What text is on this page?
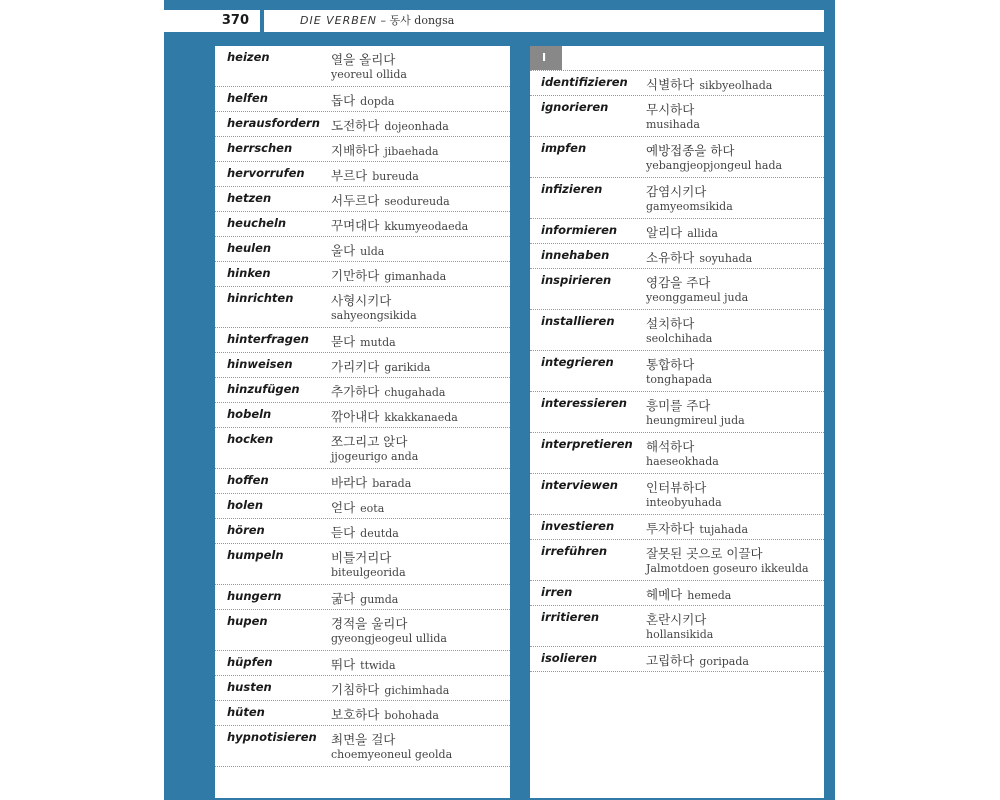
370	DIE VERBEN – 동사 dongsa
heizen	열을 올리다
yeoreul ollida
helfen	돕다 dopda
herausfordern 도전하다 dojeonhada
herrschen	지배하다 jibaehada
hervorrufen 부르다 bureuda
hetzen	서두르다 seodureuda
heucheln	꾸며대다 kkumyeodaeda
heulen	울다 ulda
hinken	기만하다 gimanhada
hinrichten	사형시키다
sahyeongsikida
hinterfragen 묻다 mutda
hinweisen	가리키다 garikida
hinzufügen	추가하다 chugahada
hobeln	깎아내다 kkakkanaeda
hocken	쪼그리고 앉다
jjogeurigo anda
hoffen	바라다 barada
holen	얻다 eota
hören	듣다 deutda
humpeln	비틀거리다
biteulgeorida
hungern	굶다 gumda
hupen	경적을 울리다
gyeongjeogeul ullida
hüpfen	뛰다 ttwida
husten	기침하다 gichimhada
hüten	보호하다 bohohada
hypnotisieren 최면을 걸다
choemyeoneul geolda
I
identifizieren 식별하다 sikbyeolhada
ignorieren	무시하다
musihada
impfen	예방접종을 하다
yebangjeopjongeul hada
infizieren	감염시키다
gamyeomsikida
informieren 알리다 allida
innehaben	소유하다 soyuhada
inspirieren	영감을 주다
yeonggameul juda
installieren	설치하다
seolchihada
integrieren	통합하다
tonghapada
interessieren 흥미를 주다
heungmireul juda
interpretieren 해석하다
haeseokhada
interviewen 인터뷰하다
inteobyuhada
investieren	투자하다 tujahada
irreführen	잘못된 곳으로 이끌다
Jalmotdoen goseuro ikkeulda
irren	헤메다 hemeda
irritieren	혼란시키다
hollansikida
isolieren	고립하다 goripada
